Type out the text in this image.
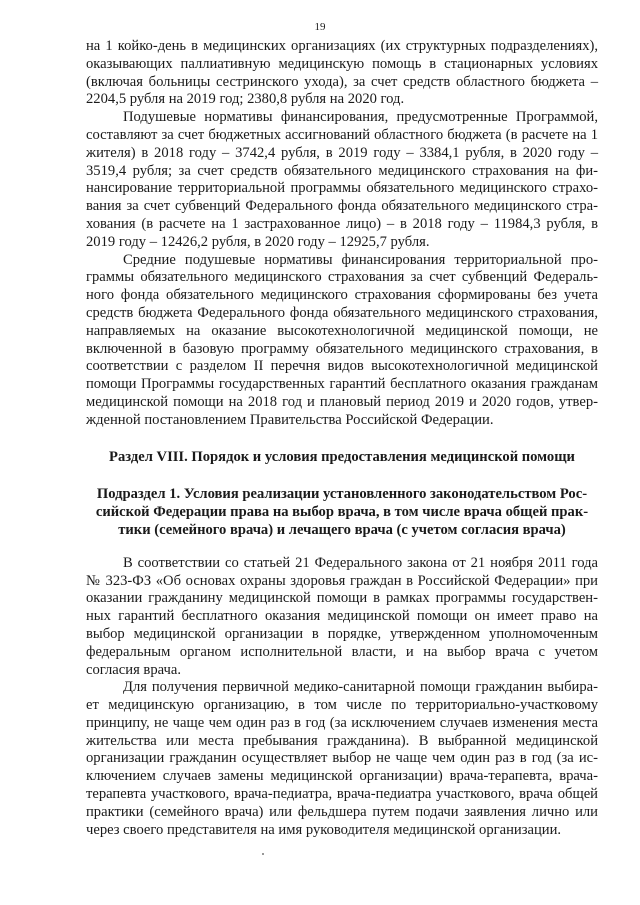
19

на 1 койко-день в медицинских организациях (их структурных подразделениях), оказывающих паллиативную медицинскую помощь в стационарных условиях (включая больницы сестринского ухода), за счет средств областного бюджета – 2204,5 рубля на 2019 год; 2380,8 рубля на 2020 год.

Подушевые нормативы финансирования, предусмотренные Программой, составляют за счет бюджетных ассигнований областного бюджета (в расчете на 1 жителя) в 2018 году – 3742,4 рубля, в 2019 году – 3384,1 рубля, в 2020 году – 3519,4 рубля; за счет средств обязательного медицинского страхования на финансирование территориальной программы обязательного медицинского страхования за счет субвенций Федерального фонда обязательного медицинского страхования (в расчете на 1 застрахованное лицо) – в 2018 году – 11984,3 рубля, в 2019 году – 12426,2 рубля, в 2020 году – 12925,7 рубля.

Средние подушевые нормативы финансирования территориальной программы обязательного медицинского страхования за счет субвенций Федерального фонда обязательного медицинского страхования сформированы без учета средств бюджета Федерального фонда обязательного медицинского страхования, направляемых на оказание высокотехнологичной медицинской помощи, не включенной в базовую программу обязательного медицинского страхования, в соответствии с разделом II перечня видов высокотехнологичной медицинской помощи Программы государственных гарантий бесплатного оказания гражданам медицинской помощи на 2018 год и плановый период 2019 и 2020 годов, утвержденной постановлением Правительства Российской Федерации.

Раздел VIII. Порядок и условия предоставления медицинской помощи
Подраздел 1. Условия реализации установленного законодательством Российской Федерации права на выбор врача, в том числе врача общей практики (семейного врача) и лечащего врача (с учетом согласия врача)

В соответствии со статьей 21 Федерального закона от 21 ноября 2011 года № 323-ФЗ «Об основах охраны здоровья граждан в Российской Федерации» при оказании гражданину медицинской помощи в рамках программы государственных гарантий бесплатного оказания медицинской помощи он имеет право на выбор медицинской организации в порядке, утвержденном уполномоченным федеральным органом исполнительной власти, и на выбор врача с учетом согласия врача.

Для получения первичной медико-санитарной помощи гражданин выбирает медицинскую организацию, в том числе по территориально-участковому принципу, не чаще чем один раз в год (за исключением случаев изменения места жительства или места пребывания гражданина). В выбранной медицинской организации гражданин осуществляет выбор не чаще чем один раз в год (за исключением случаев замены медицинской организации) врача-терапевта, врача-терапевта участкового, врача-педиатра, врача-педиатра участкового, врача общей практики (семейного врача) или фельдшера путем подачи заявления лично или через своего представителя на имя руководителя медицинской организации.
